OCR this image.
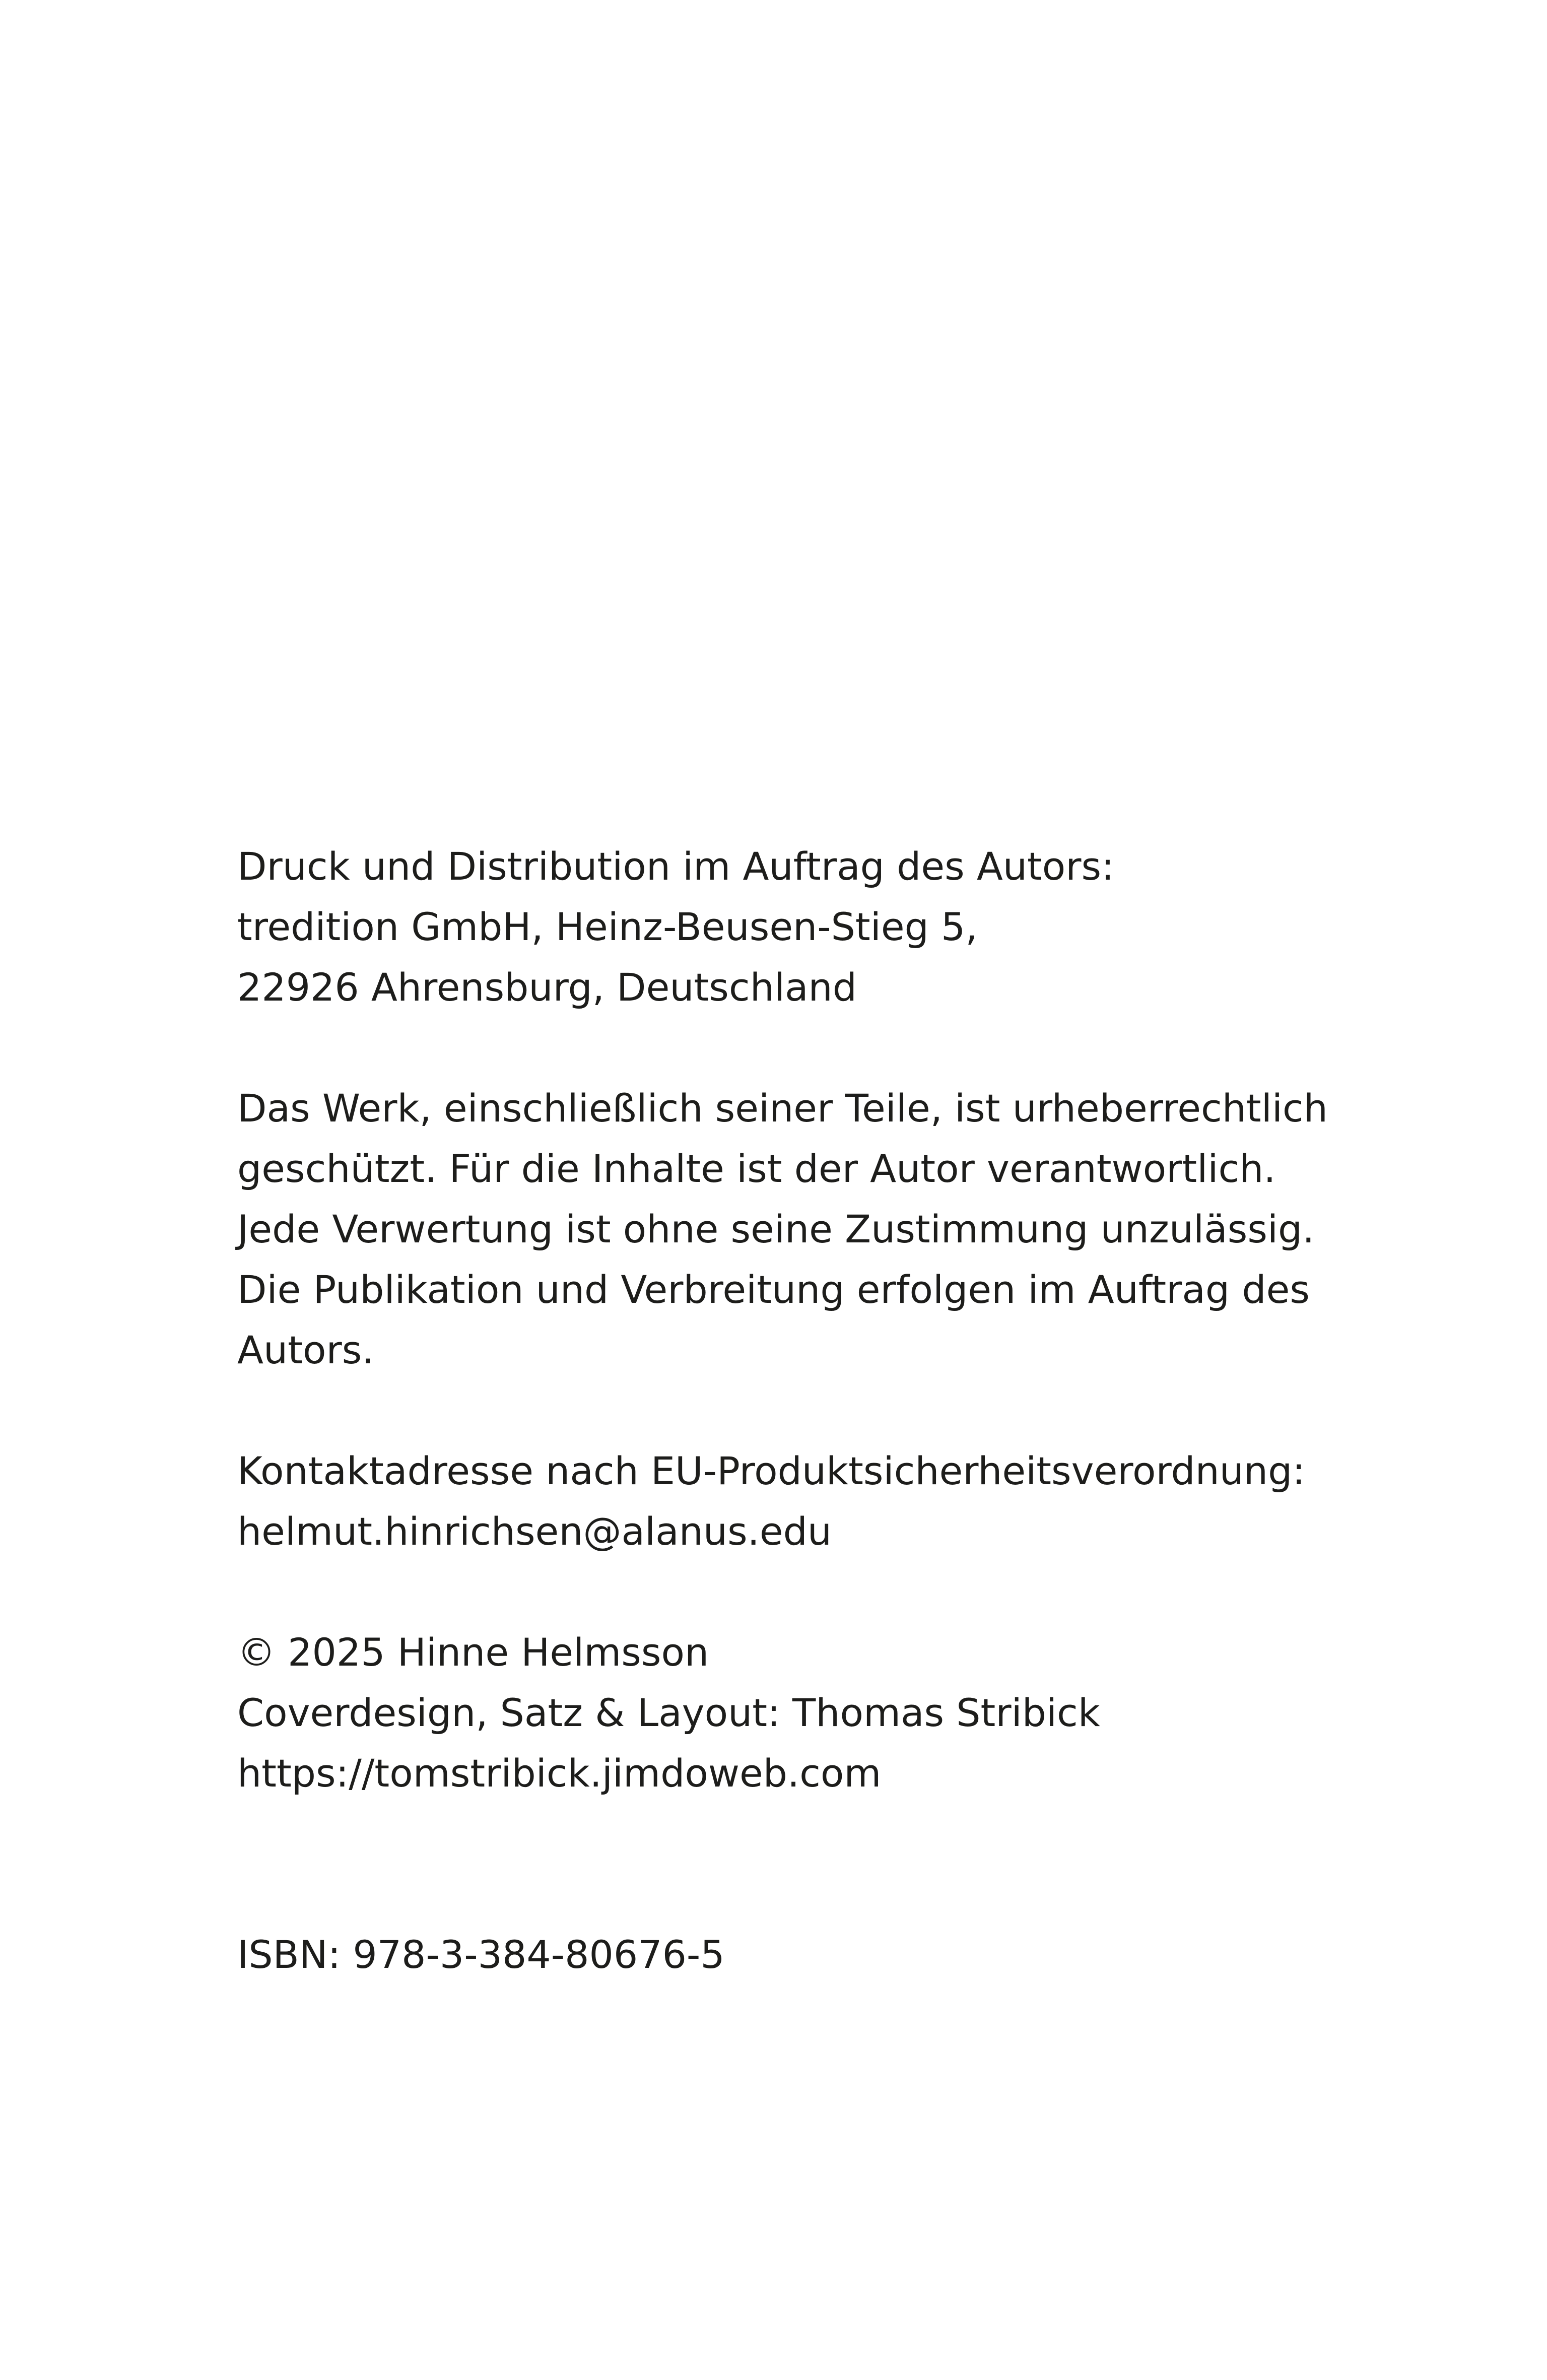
Druck und Distribution im Auftrag des Autors:
tredition GmbH, Heinz-Beusen-Stieg 5,
22926 Ahrensburg, Deutschland
Das Werk, einschließlich seiner Teile, ist urheberrechtlich
geschützt. Für die Inhalte ist der Autor verantwortlich.
Jede Verwertung ist ohne seine Zustimmung unzulässig.
Die Publikation und Verbreitung erfolgen im Auftrag des
Autors.
Kontaktadresse nach EU-Produktsicherheitsverordnung:
helmut.hinrichsen@alanus.edu
© 2025 Hinne Helmsson
Coverdesign, Satz & Layout: Thomas Stribick
https://tomstribick.jimdoweb.com
ISBN: 978-3-384-80676-5
